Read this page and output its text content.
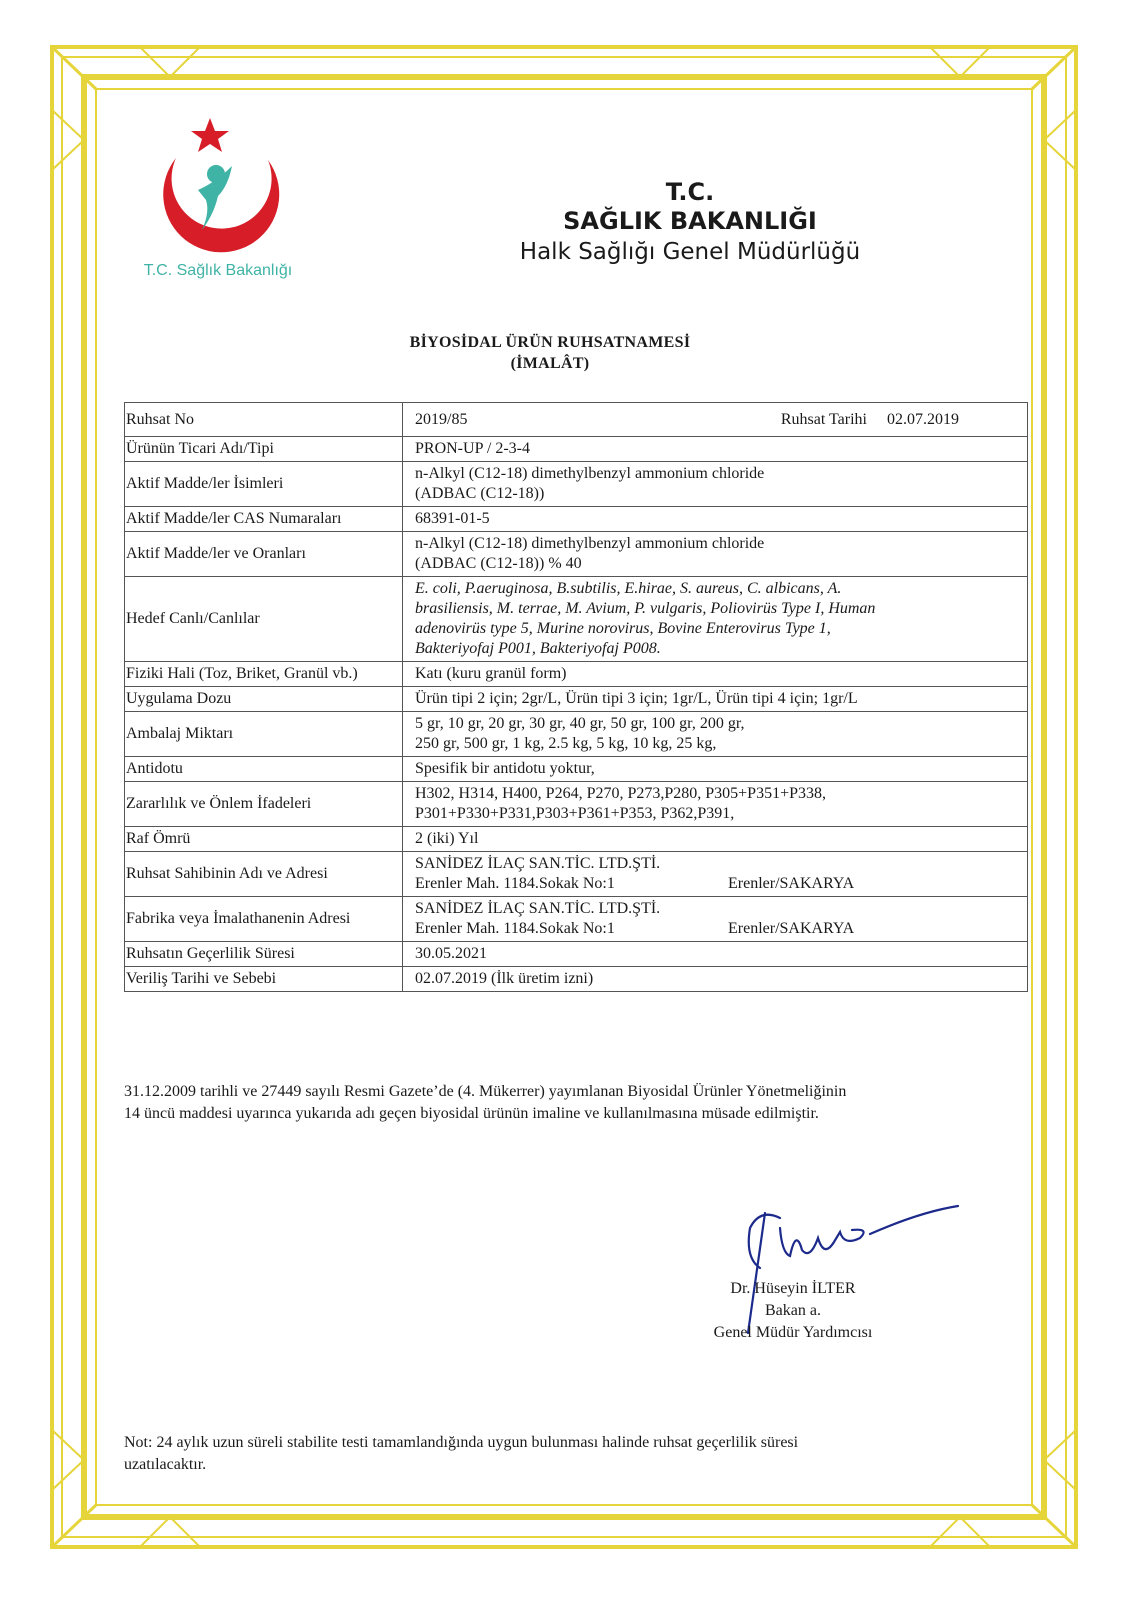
T.C. Sağlık Bakanlığı
T.C.
SAĞLIK BAKANLIĞI
Halk Sağlığı Genel Müdürlüğü
BİYOSİDAL ÜRÜN RUHSATNAMESİ
(İMALÂT)
Ruhsat No	2019/85 Ruhsat Tarihi 02.07.2019

Ürünün Ticari Adı/Tipi	PRON-UP / 2-3-4
Aktif Madde/ler İsimleri	n-Alkyl (C12-18) dimethylbenzyl ammonium chloride
(ADBAC (C12-18))

Aktif Madde/ler CAS Numaraları	68391-01-5
Aktif Madde/ler ve Oranları	n-Alkyl (C12-18) dimethylbenzyl ammonium chloride
(ADBAC (C12-18)) % 40

Hedef Canlı/Canlılar	E. coli, P.aeruginosa, B.subtilis, E.hirae, S. aureus, C. albicans, A.
brasiliensis, M. terrae, M. Avium, P. vulgaris, Poliovirüs Type I, Human
adenovirüs type 5, Murine norovirus, Bovine Enterovirus Type 1,
Bakteriyofaj P001, Bakteriyofaj P008.

Fiziki Hali (Toz, Briket, Granül vb.)	Katı (kuru granül form)
Uygulama Dozu	Ürün tipi 2 için; 2gr/L, Ürün tipi 3 için; 1gr/L, Ürün tipi 4 için; 1gr/L
Ambalaj Miktarı	5 gr, 10 gr, 20 gr, 30 gr, 40 gr, 50 gr, 100 gr, 200 gr,
250 gr, 500 gr, 1 kg, 2.5 kg, 5 kg, 10 kg, 25 kg,

Antidotu	Spesifik bir antidotu yoktur,
Zararlılık ve Önlem İfadeleri	H302, H314, H400, P264, P270, P273,P280, P305+P351+P338,
P301+P330+P331,P303+P361+P353, P362,P391,

Raf Ömrü	2 (iki) Yıl
Ruhsat Sahibinin Adı ve Adresi	SANİDEZ İLAÇ SAN.TİC. LTD.ŞTİ.
Erenler Mah. 1184.Sokak No:1 Erenler/SAKARYA

Fabrika veya İmalathanenin Adresi	SANİDEZ İLAÇ SAN.TİC. LTD.ŞTİ.
Erenler Mah. 1184.Sokak No:1 Erenler/SAKARYA

Ruhsatın Geçerlilik Süresi	30.05.2021
Veriliş Tarihi ve Sebebi	02.07.2019 (İlk üretim izni)
31.12.2009 tarihli ve 27449 sayılı Resmi Gazete’de (4. Mükerrer) yayımlanan Biyosidal Ürünler Yönetmeliğinin
14 üncü maddesi uyarınca yukarıda adı geçen biyosidal ürünün imaline ve kullanılmasına müsade edilmiştir.
Dr. Hüseyin İLTER
Bakan a.
Genel Müdür Yardımcısı
Not: 24 aylık uzun süreli stabilite testi tamamlandığında uygun bulunması halinde ruhsat geçerlilik süresi
uzatılacaktır.
